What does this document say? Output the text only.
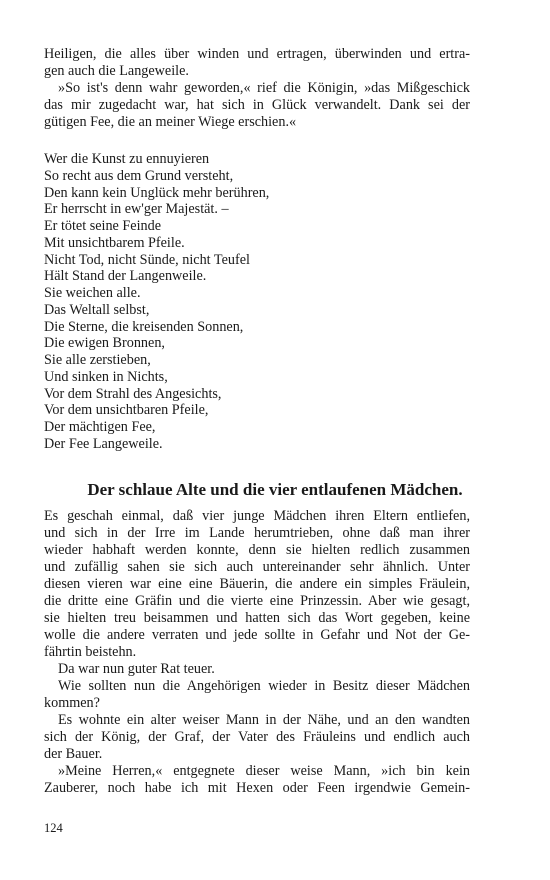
Heiligen, die alles über winden und ertragen, überwinden und ertra-
gen auch die Langeweile.
»So ist's denn wahr geworden,« rief die Königin, »das Mißgeschick
das mir zugedacht war, hat sich in Glück verwandelt. Dank sei der
gütigen Fee, die an meiner Wiege erschien.«
Wer die Kunst zu ennuyieren
So recht aus dem Grund versteht,
Den kann kein Unglück mehr berühren,
Er herrscht in ew'ger Majestät. –
Er tötet seine Feinde
Mit unsichtbarem Pfeile.
Nicht Tod, nicht Sünde, nicht Teufel
Hält Stand der Langenweile.
Sie weichen alle.
Das Weltall selbst,
Die Sterne, die kreisenden Sonnen,
Die ewigen Bronnen,
Sie alle zerstieben,
Und sinken in Nichts,
Vor dem Strahl des Angesichts,
Vor dem unsichtbaren Pfeile,
Der mächtigen Fee,
Der Fee Langeweile.
Der schlaue Alte und die vier entlaufenen Mädchen.
Es geschah einmal, daß vier junge Mädchen ihren Eltern entliefen,
und sich in der Irre im Lande herumtrieben, ohne daß man ihrer
wieder habhaft werden konnte, denn sie hielten redlich zusammen
und zufällig sahen sie sich auch untereinander sehr ähnlich. Unter
diesen vieren war eine eine Bäuerin, die andere ein simples Fräulein,
die dritte eine Gräfin und die vierte eine Prinzessin. Aber wie gesagt,
sie hielten treu beisammen und hatten sich das Wort gegeben, keine
wolle die andere verraten und jede sollte in Gefahr und Not der Ge-
fährtin beistehn.
Da war nun guter Rat teuer.
Wie sollten nun die Angehörigen wieder in Besitz dieser Mädchen
kommen?
Es wohnte ein alter weiser Mann in der Nähe, und an den wandten
sich der König, der Graf, der Vater des Fräuleins und endlich auch
der Bauer.
»Meine Herren,« entgegnete dieser weise Mann, »ich bin kein
Zauberer, noch habe ich mit Hexen oder Feen irgendwie Gemein-
124
